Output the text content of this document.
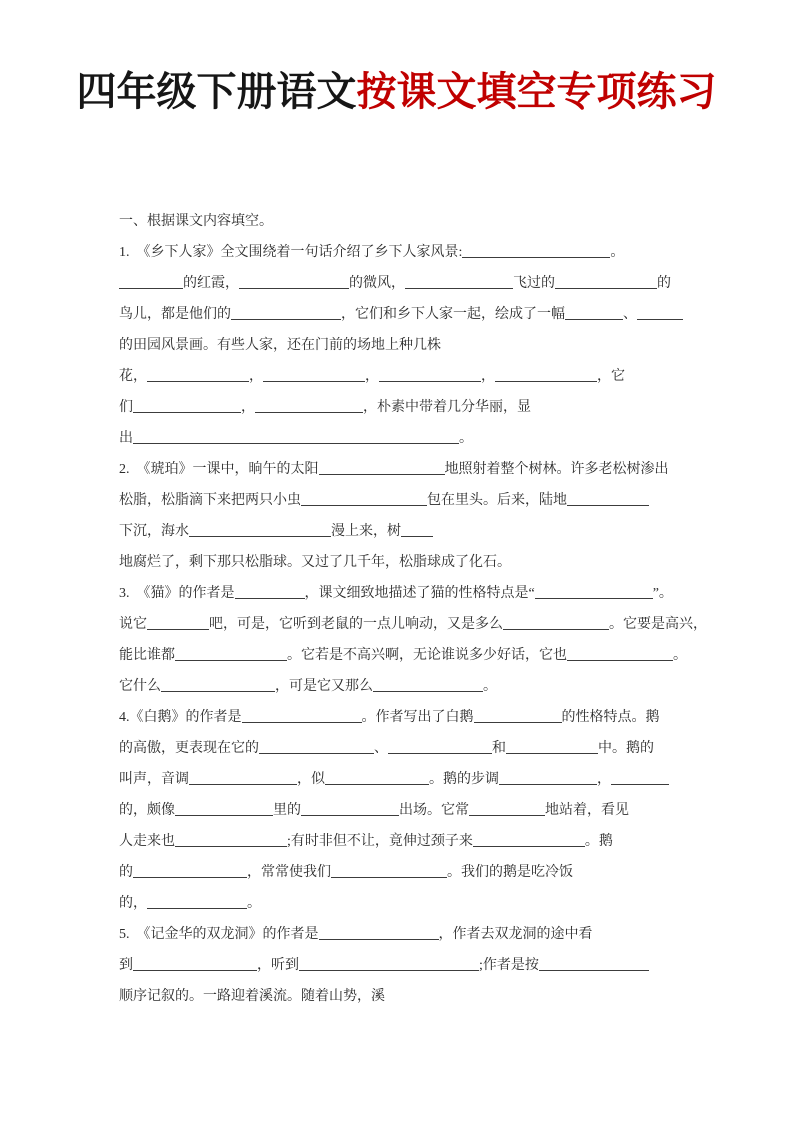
四年级下册语文按课文填空专项练习
一、根据课文内容填空。
1.　《乡下人家》全文围绕着一句话介绍了乡下人家风景:	。
的红霞，	的微风，	飞过的	的
鸟儿，都是他们的	，它们和乡下人家一起，绘成了一幅	、
的田园风景画。有些人家，还在门前的场地上种几株
花，	，	，	，	，它
们	，	，朴素中带着几分华丽，显
出	。
2.　《琥珀》一课中，晌午的太阳	地照射着整个树林。许多老松树渗出
松脂，松脂滴下来把两只小虫	包在里头。后来，陆地
下沉，海水	漫上来，树
地腐烂了，剩下那只松脂球。又过了几千年，松脂球成了化石。
3.　《猫》的作者是	，课文细致地描述了猫的性格特点是“	”。
说它	吧，可是，它听到老鼠的一点儿响动，又是多么	。它要是高兴，
能比谁都	。它若是不高兴啊，无论谁说多少好话，它也	。
它什么	，可是它又那么	。
4.《白鹅》的作者是	。作者写出了白鹅	的性格特点。鹅
的高傲，更表现在它的	、	和	中。鹅的
叫声，音调	，似	。鹅的步调	，
的，颇像	里的	出场。它常	地站着，看见
人走来也	;有时非但不让，竟伸过颈子来	。鹅
的	，常常使我们	。我们的鹅是吃冷饭
的，	。
5.　《记金华的双龙洞》的作者是	，作者去双龙洞的途中看
到	，听到	;作者是按
顺序记叙的。一路迎着溪流。随着山势，溪
